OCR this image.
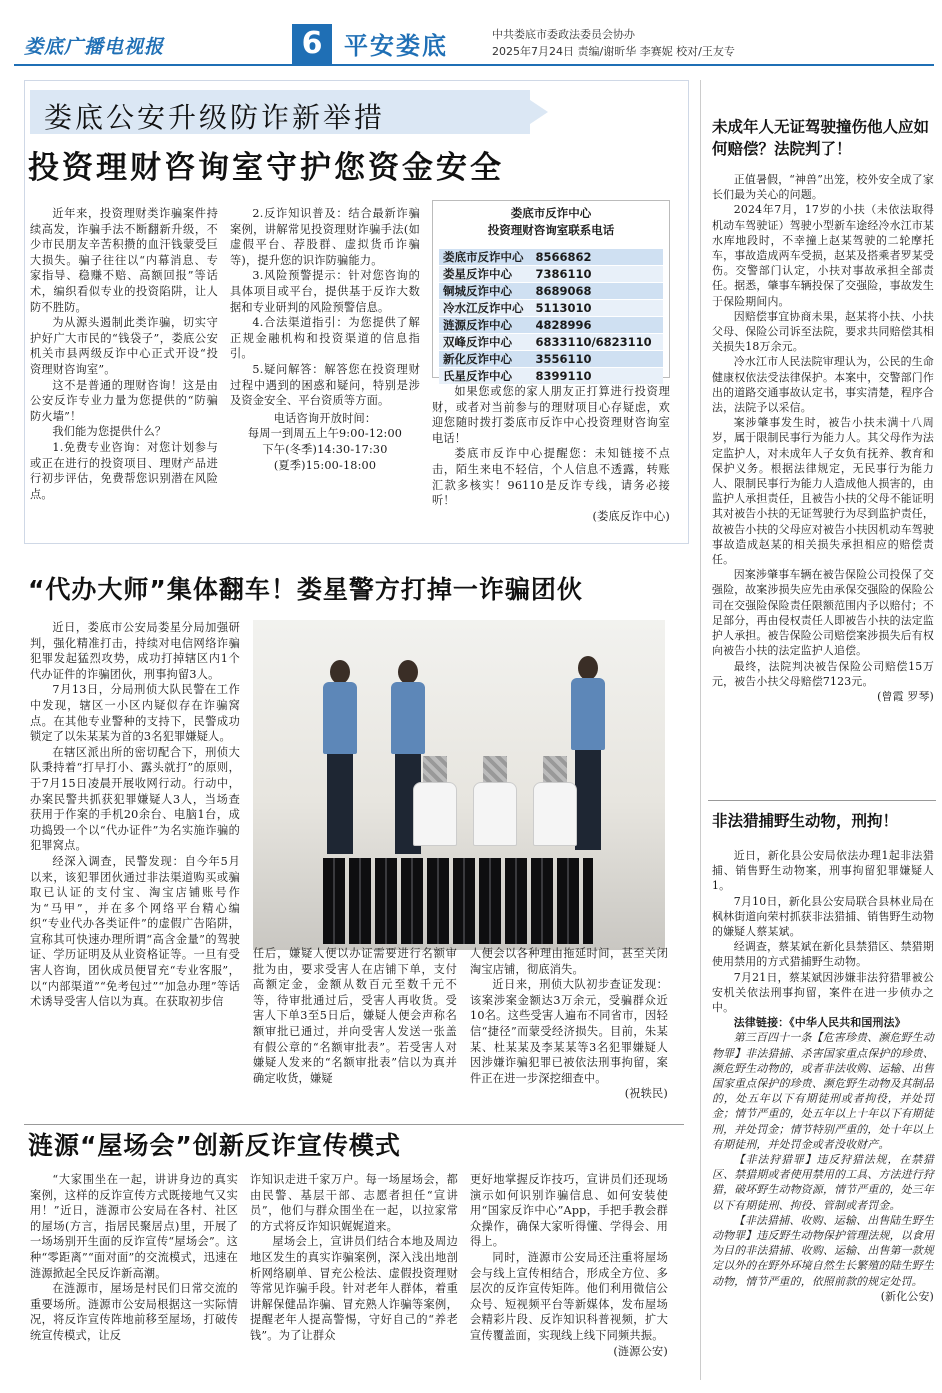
娄底广播电视报	6 平安娄底	中共娄底市委政法委员会协办
2025年7月24日 责编/谢昕华 李赛妮 校对/王友专
娄底公安升级防诈新举措
投资理财咨询室守护您资金安全

近年来，投资理财类诈骗案件持续高发，诈骗手法不断翻新升级，不少市民朋友辛苦积攒的血汗钱蒙受巨大损失。骗子往往以“内幕消息、专家指导、稳赚不赔、高额回报”等话术，编织看似专业的投资陷阱，让人防不胜防。

为从源头遏制此类诈骗，切实守护好广大市民的“钱袋子”，娄底公安机关市县两级反诈中心正式开设“投资理财咨询室”。

这不是普通的理财咨询！这是由公安反诈专业力量为您提供的“防骗防火墙”！

我们能为您提供什么？

1.免费专业咨询：对您计划参与或正在进行的投资项目、理财产品进行初步评估，免费帮您识别潜在风险点。

2.反诈知识普及：结合最新诈骗案例，讲解常见投资理财诈骗手法(如虚假平台、荐股群、虚拟货币诈骗等)，提升您的识诈防骗能力。

3.风险预警提示：针对您咨询的具体项目或平台，提供基于反诈大数据和专业研判的风险预警信息。

4.合法渠道指引：为您提供了解正规金融机构和投资渠道的信息指引。

5.疑问解答：解答您在投资理财过程中遇到的困惑和疑问，特别是涉及资金安全、平台资质等方面。

电话咨询开放时间：
每周一到周五上午9:00-12:00
下午(冬季)14:30-17:30
(夏季)15:00-18:00
娄底市反诈中心
投资理财咨询室联系电话
娄底市反诈中心	8566862
娄星反诈中心	7386110
铜城反诈中心	8689068
冷水江反诈中心	5113010
涟源反诈中心	4828996
双峰反诈中心	6833110/6823110
新化反诈中心	3556110
氏星反诈中心	8399110

如果您或您的家人朋友正打算进行投资理财，或者对当前参与的理财项目心存疑虑，欢迎您随时拨打娄底市反诈中心投资理财咨询室电话！

娄底市反诈中心提醒您：未知链接不点击，陌生来电不轻信，个人信息不透露，转账汇款多核实！96110是反诈专线，请务必接听！

(娄底反诈中心)
“代办大师”集体翻车！娄星警方打掉一诈骗团伙

近日，娄底市公安局娄星分局加强研判，强化精准打击，持续对电信网络诈骗犯罪发起猛烈攻势，成功打掉辖区内1个代办证件的诈骗团伙，刑事拘留3人。

7月13日，分局刑侦大队民警在工作中发现，辖区一小区内疑似存在诈骗窝点。在其他专业警种的支持下，民警成功锁定了以朱某某为首的3名犯罪嫌疑人。

在辖区派出所的密切配合下，刑侦大队秉持着“打早打小、露头就打”的原则，于7月15日凌晨开展收网行动。行动中，办案民警共抓获犯罪嫌疑人3人，当场查获用于作案的手机20余台、电脑1台，成功捣毁一个以“代办证件”为名实施诈骗的犯罪窝点。

经深入调查，民警发现：自今年5月以来，该犯罪团伙通过非法渠道购买或骗取已认证的支付宝、淘宝店铺账号作为“马甲”，并在多个网络平台精心编织“专业代办各类证件”的虚假广告陷阱，宣称其可快速办理所谓“高含金量”的驾驶证、学历证明及从业资格证等。一旦有受害人咨询，团伙成员便冒充“专业客服”，以“内部渠道”“免考包过”“加急办理”等话术诱导受害人信以为真。在获取初步信

任后，嫌疑人便以办证需要进行名额审批为由，要求受害人在店铺下单，支付高额定金，金额从数百元至数千元不等，待审批通过后，受害人再收货。受害人下单3至5日后，嫌疑人便会声称名额审批已通过，并向受害人发送一张盖有假公章的“名额审批表”。若受害人对嫌疑人发来的“名额审批表”信以为真并确定收货，嫌疑
人便会以各种理由拖延时间，甚至关闭淘宝店铺，彻底消失。

近日来，刑侦大队初步查证发现：该案涉案金额达3万余元，受骗群众近10名。这些受害人遍布不同省市，因轻信“捷径”而蒙受经济损失。目前，朱某某、杜某某及李某某等3名犯罪嫌疑人因涉嫌诈骗犯罪已被依法刑事拘留，案件正在进一步深挖细查中。

(祝轶民)
涟源“屋场会”创新反诈宣传模式

“大家围坐在一起，讲讲身边的真实案例，这样的反诈宣传方式既接地气又实用！”近日，涟源市公安局在各村、社区的屋场(方言，指居民聚居点)里，开展了一场场别开生面的反诈宣传“屋场会”。这种“零距离”“面对面”的交流模式，迅速在涟源掀起全民反诈新高潮。

在涟源市，屋场是村民们日常交流的重要场所。涟源市公安局根据这一实际情况，将反诈宣传阵地前移至屋场，打破传统宣传模式，让反

诈知识走进千家万户。每一场屋场会，都由民警、基层干部、志愿者担任“宣讲员”，他们与群众围坐在一起，以拉家常的方式将反诈知识娓娓道来。

屋场会上，宣讲员们结合本地及周边地区发生的真实诈骗案例，深入浅出地剖析网络刷单、冒充公检法、虚假投资理财等常见诈骗手段。针对老年人群体，着重讲解保健品诈骗、冒充熟人诈骗等案例，提醒老年人提高警惕，守好自己的“养老钱”。为了让群众

更好地掌握反诈技巧，宣讲员们还现场演示如何识别诈骗信息、如何安装使用“国家反诈中心”App，手把手教会群众操作，确保大家听得懂、学得会、用得上。

同时，涟源市公安局还注重将屋场会与线上宣传相结合，形成全方位、多层次的反诈宣传矩阵。他们利用微信公众号、短视频平台等新媒体，发布屋场会精彩片段、反诈知识科普视频，扩大宣传覆盖面，实现线上线下同频共振。

(涟源公安)
未成年人无证驾驶撞伤他人应如何赔偿？法院判了！

正值暑假，“神兽”出笼，校外安全成了家长们最为关心的问题。

2024年7月，17岁的小扶（未依法取得机动车驾驶证）驾驶小型新车途经冷水江市某水库地段时，不幸撞上赵某驾驶的二轮摩托车，事故造成两车受损，赵某及搭乘者罗某受伤。交警部门认定，小扶对事故承担全部责任。据悉，肇事车辆投保了交强险，事故发生于保险期间内。

因赔偿事宜协商未果，赵某将小扶、小扶父母、保险公司诉至法院，要求共同赔偿其相关损失18万余元。

冷水江市人民法院审理认为，公民的生命健康权依法受法律保护。本案中，交警部门作出的道路交通事故认定书，事实清楚，程序合法，法院予以采信。

案涉肇事发生时，被告小扶未满十八周岁，属于限制民事行为能力人。其父母作为法定监护人，对未成年人子女负有抚养、教育和保护义务。根据法律规定，无民事行为能力人、限制民事行为能力人造成他人损害的，由监护人承担责任，且被告小扶的父母不能证明其对被告小扶的无证驾驶行为尽到监护责任，故被告小扶的父母应对被告小扶因机动车驾驶事故造成赵某的相关损失承担相应的赔偿责任。

因案涉肇事车辆在被告保险公司投保了交强险，故案涉损失应先由承保交强险的保险公司在交强险保险责任限额范围内予以赔付；不足部分，再由侵权责任人即被告小扶的法定监护人承担。被告保险公司赔偿案涉损失后有权向被告小扶的法定监护人追偿。

最终，法院判决被告保险公司赔偿15万元，被告小扶父母赔偿7123元。

(曾霞 罗琴)
非法猎捕野生动物，刑拘！

近日，新化县公安局依法办理1起非法猎捕、销售野生动物案，刑事拘留犯罪嫌疑人1。

7月10日，新化县公安局联合县林业局在枫林街道向荣村抓获非法猎捕、销售野生动物的嫌疑人蔡某斌。

经调查，蔡某斌在新化县禁猎区、禁猎期使用禁用的方式猎捕野生动物。

7月21日，蔡某斌因涉嫌非法狩猎罪被公安机关依法刑事拘留，案件在进一步侦办之中。

法律链接：《中华人民共和国刑法》

第三百四十一条【危害珍贵、濒危野生动物罪】非法猎捕、杀害国家重点保护的珍贵、濒危野生动物的，或者非法收购、运输、出售国家重点保护的珍贵、濒危野生动物及其制品的，处五年以下有期徒刑或者拘役，并处罚金；情节严重的，处五年以上十年以下有期徒刑，并处罚金；情节特别严重的，处十年以上有期徒刑，并处罚金或者没收财产。

【非法狩猎罪】违反狩猎法规，在禁猎区、禁猎期或者使用禁用的工具、方法进行狩猎，破坏野生动物资源，情节严重的，处三年以下有期徒刑、拘役、管制或者罚金。

【非法猎捕、收购、运输、出售陆生野生动物罪】违反野生动物保护管理法规，以食用为目的非法猎捕、收购、运输、出售第一款规定以外的在野外环境自然生长繁殖的陆生野生动物，情节严重的，依照前款的规定处罚。

(新化公安)
